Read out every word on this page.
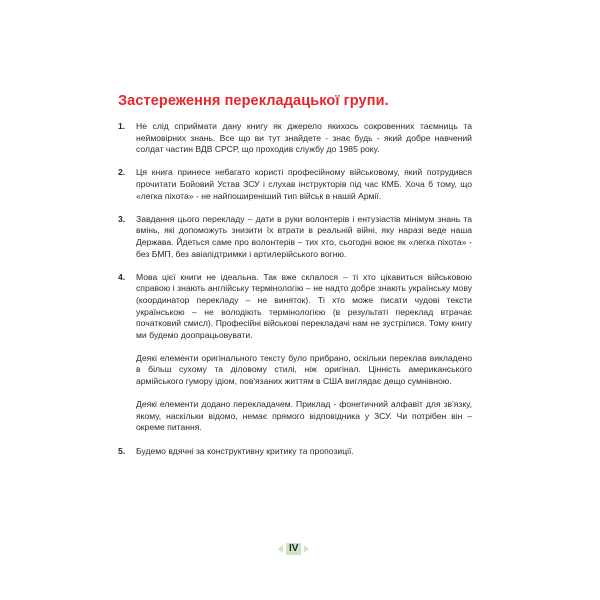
Застереження перекладацької групи.
1. Не слід сприймати дану книгу як джерело якихось сокровенних таємниць та неймовірних знань. Все що ви тут знайдете - знає будь - який добре навчений солдат частин ВДВ СРСР, що проходив службу до 1985 року.
2. Ця книга принесе небагато користі професійному військовому, який потрудився прочитати Бойовий Устав ЗСУ і слухав інструкторів під час КМБ. Хоча б тому, що «легка піхота» - не найпоширеніший тип військ в нашій Армії.
3. Завдання цього перекладу – дати в руки волонтерів і ентузіастів мінімум знань та вмінь, які допоможуть знизити їх втрати в реальній війні, яку наразі веде наша Держава. Йдеться саме про волонтерів – тих хто, сьогодні воює як «легка піхота» - без БМП, без авіапідтримки і артилерійського вогню.
4. Мова цієї книги не ідеальна. Так вже склалося – ті хто цікавиться військовою справою і знають англійську термінологію – не надто добре знають українську мову (координатор перекладу – не виняток). Ті хто може писати чудові тексти українською – не володіють термінологією (в результаті переклад втрачає початковий смисл). Професійні військові перекладачі нам не зустрілися. Тому книгу ми будемо доопрацьовувати.
Деякі елементи оригінального тексту було прибрано, оскільки переклав викладено в більш сухому та діловому стилі, ніж оригінал. Цінність американського армійського гумору ідіом, пов'язаних життям в США виглядає дещо сумнівною.
Деякі елементи додано перекладачем. Приклад - фонетичний алфавіт для зв'язку, якому, наскільки відомо, немає прямого відповідника у ЗСУ. Чи потрібен він – окреме питання.
5. Будемо вдячні за конструктивну критику та пропозиції.
IV
